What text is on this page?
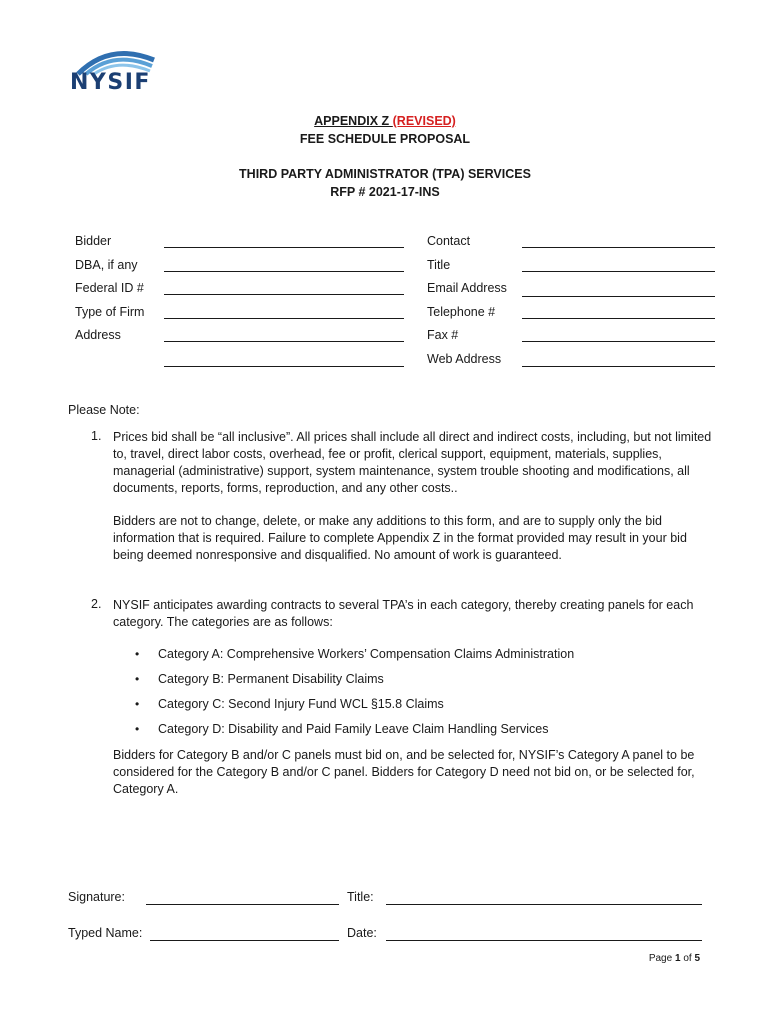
NYSIF
APPENDIX Z (REVISED)
FEE SCHEDULE PROPOSAL
THIRD PARTY ADMINISTRATOR (TPA) SERVICES
RFP # 2021-17-INS
Bidder
DBA, if any
Federal ID #
Type of Firm
Address
Contact
Title
Email Address
Telephone #
Fax #
Web Address
Please Note:
1. Prices bid shall be “all inclusive”. All prices shall include all direct and indirect costs, including, but not limited to, travel, direct labor costs, overhead, fee or profit, clerical support, equipment, materials, supplies, managerial (administrative) support, system maintenance, system trouble shooting and modifications, all documents, reports, forms, reproduction, and any other costs..
Bidders are not to change, delete, or make any additions to this form, and are to supply only the bid information that is required. Failure to complete Appendix Z in the format provided may result in your bid being deemed nonresponsive and disqualified. No amount of work is guaranteed.
2. NYSIF anticipates awarding contracts to several TPA’s in each category, thereby creating panels for each category. The categories are as follows:
• Category A: Comprehensive Workers’ Compensation Claims Administration
• Category B: Permanent Disability Claims
• Category C: Second Injury Fund WCL §15.8 Claims
• Category D: Disability and Paid Family Leave Claim Handling Services
Bidders for Category B and/or C panels must bid on, and be selected for, NYSIF’s Category A panel to be considered for the Category B and/or C panel. Bidders for Category D need not bid on, or be selected for, Category A.
Signature:	Title:
Typed Name:	Date:
Page 1 of 5
